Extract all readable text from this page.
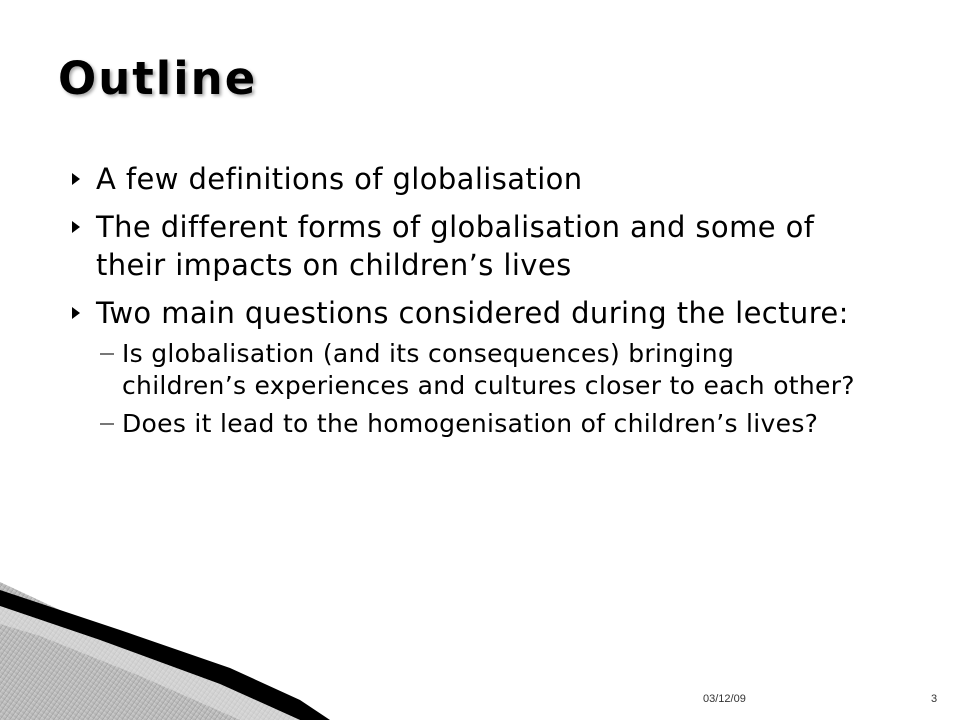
Outline
A few definitions of globalisation
The different forms of globalisation and some of their impacts on children’s lives
Two main questions considered during the lecture:
Is globalisation (and its consequences) bringing children’s experiences and cultures closer to each other?
Does it lead to the homogenisation of children’s lives?
03/12/09	3
